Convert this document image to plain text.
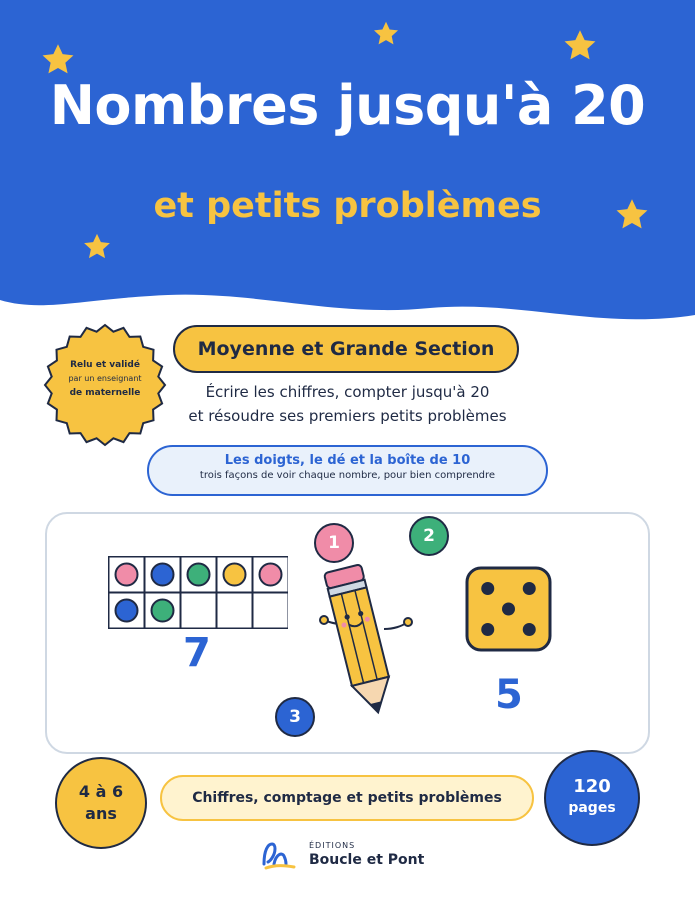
Nombres jusqu'à 20
et petits problèmes
Relu et validé
par un enseignant
de maternelle
Moyenne et Grande Section
Écrire les chiffres, compter jusqu'à 20
et résoudre ses premiers petits problèmes
Les doigts, le dé et la boîte de 10
trois façons de voir chaque nombre, pour bien comprendre
7
1	2
3	5
4 à 6
ans
Chiffres, comptage et petits problèmes
120
pages
ÉDITIONS
Boucle et Pont
